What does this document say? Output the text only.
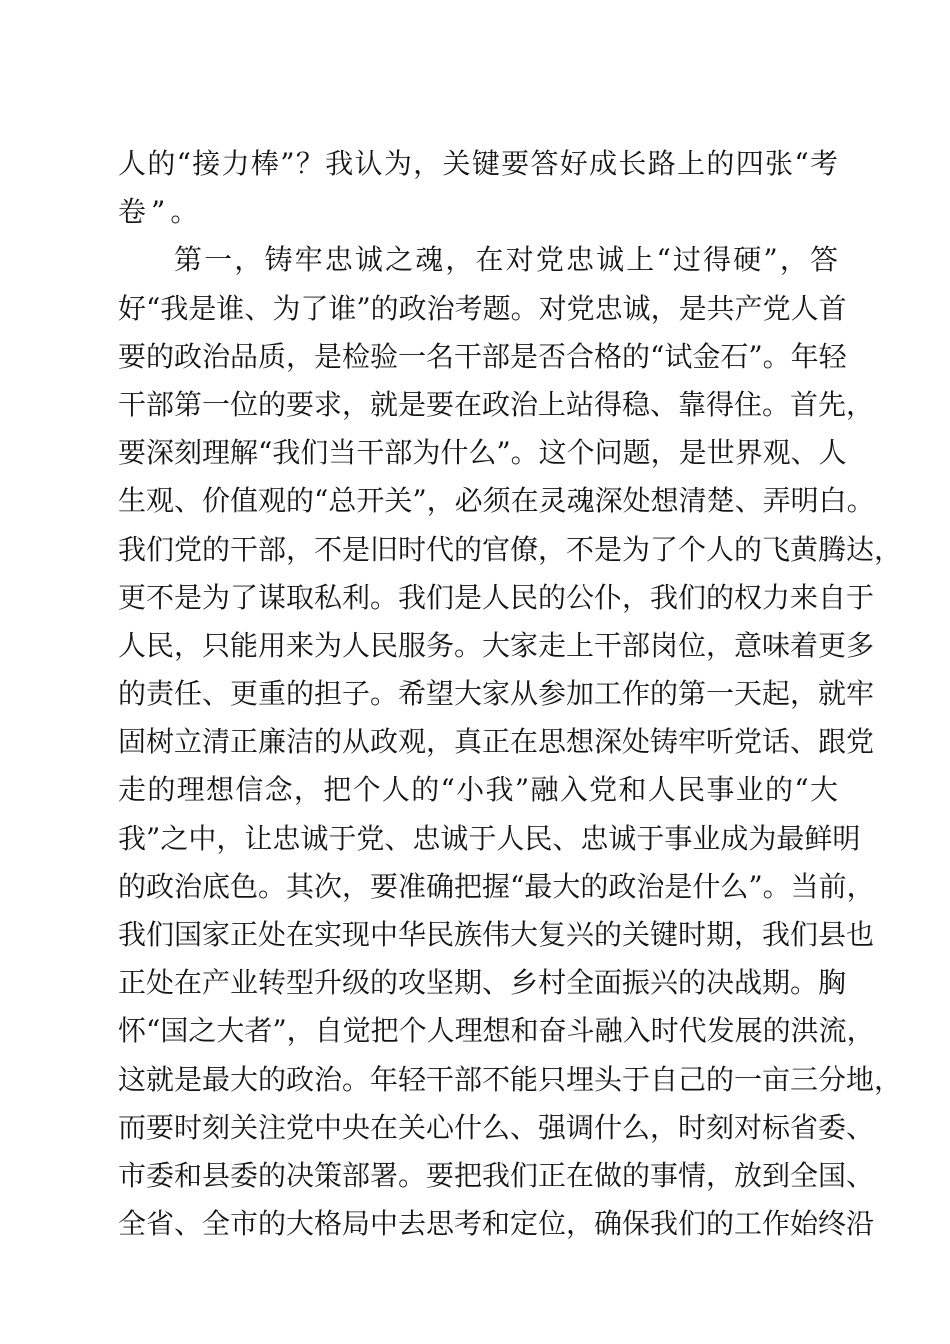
人的“接力棒”？我认为，关键要答好成长路上的四张“考
卷”。
第一，铸牢忠诚之魂，在对党忠诚上“过得硬”，答
好“我是谁、为了谁”的政治考题。对党忠诚，是共产党人首
要的政治品质，是检验一名干部是否合格的“试金石”。年轻
干部第一位的要求，就是要在政治上站得稳、靠得住。首先，
要深刻理解“我们当干部为什么”。这个问题，是世界观、人
生观、价值观的“总开关”，必须在灵魂深处想清楚、弄明白。
我们党的干部，不是旧时代的官僚，不是为了个人的飞黄腾达，
更不是为了谋取私利。我们是人民的公仆，我们的权力来自于
人民，只能用来为人民服务。大家走上干部岗位，意味着更多
的责任、更重的担子。希望大家从参加工作的第一天起，就牢
固树立清正廉洁的从政观，真正在思想深处铸牢听党话、跟党
走的理想信念，把个人的“小我”融入党和人民事业的“大
我”之中，让忠诚于党、忠诚于人民、忠诚于事业成为最鲜明
的政治底色。其次，要准确把握“最大的政治是什么”。当前，
我们国家正处在实现中华民族伟大复兴的关键时期，我们县也
正处在产业转型升级的攻坚期、乡村全面振兴的决战期。胸
怀“国之大者”，自觉把个人理想和奋斗融入时代发展的洪流，
这就是最大的政治。年轻干部不能只埋头于自己的一亩三分地，
而要时刻关注党中央在关心什么、强调什么，时刻对标省委、
市委和县委的决策部署。要把我们正在做的事情，放到全国、
全省、全市的大格局中去思考和定位，确保我们的工作始终沿
